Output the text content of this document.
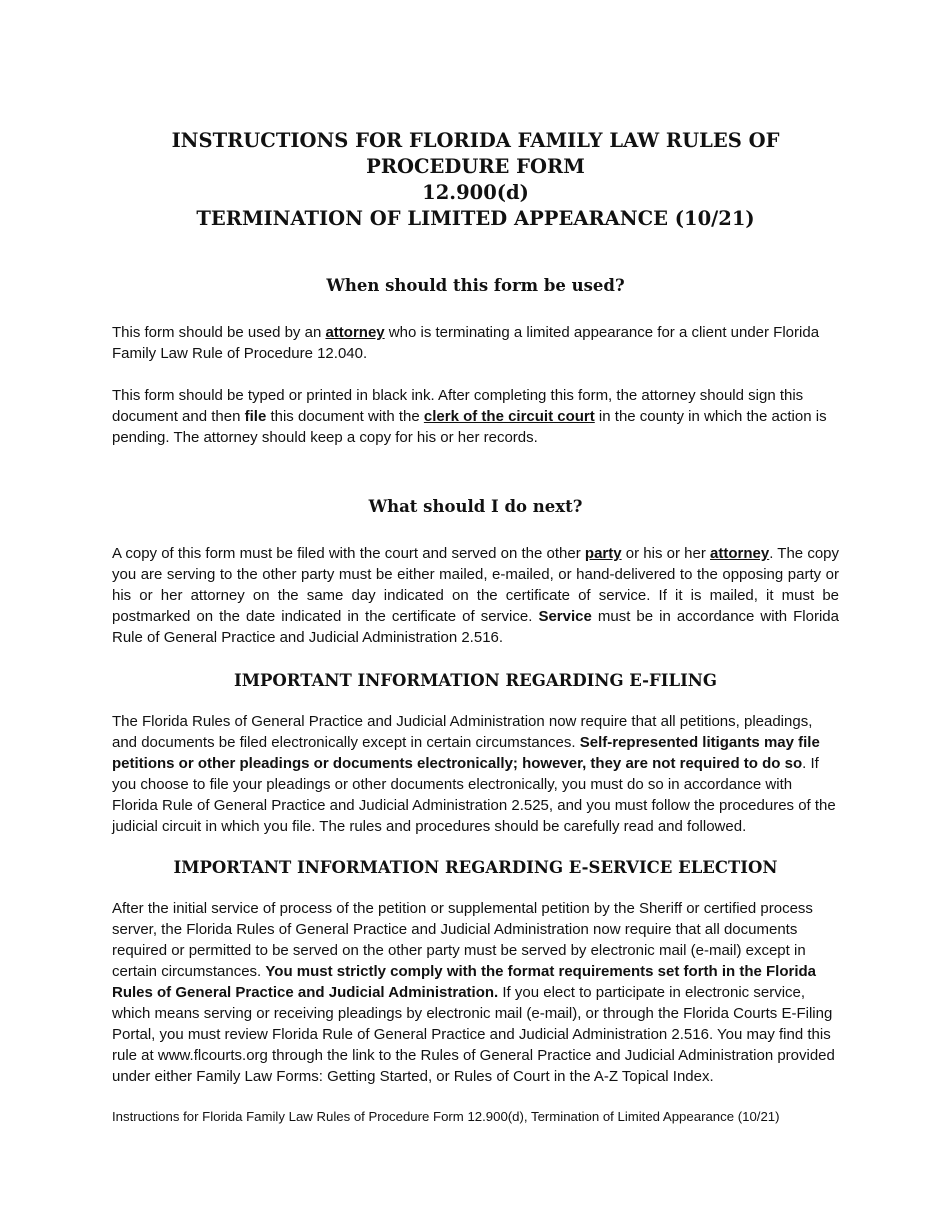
INSTRUCTIONS FOR FLORIDA FAMILY LAW RULES OF PROCEDURE FORM
12.900(d)
TERMINATION OF LIMITED APPEARANCE (10/21)
When should this form be used?

This form should be used by an attorney who is terminating a limited appearance for a client under Florida Family Law Rule of Procedure 12.040.

This form should be typed or printed in black ink. After completing this form, the attorney should sign this document and then file this document with the clerk of the circuit court in the county in which the action is pending. The attorney should keep a copy for his or her records.

What should I do next?

A copy of this form must be filed with the court and served on the other party or his or her attorney. The copy you are serving to the other party must be either mailed, e-mailed, or hand-delivered to the opposing party or his or her attorney on the same day indicated on the certificate of service. If it is mailed, it must be postmarked on the date indicated in the certificate of service. Service must be in accordance with Florida Rule of General Practice and Judicial Administration 2.516.

IMPORTANT INFORMATION REGARDING E-FILING

The Florida Rules of General Practice and Judicial Administration now require that all petitions, pleadings, and documents be filed electronically except in certain circumstances. Self-represented litigants may file petitions or other pleadings or documents electronically; however, they are not required to do so. If you choose to file your pleadings or other documents electronically, you must do so in accordance with Florida Rule of General Practice and Judicial Administration 2.525, and you must follow the procedures of the judicial circuit in which you file. The rules and procedures should be carefully read and followed.

IMPORTANT INFORMATION REGARDING E-SERVICE ELECTION

After the initial service of process of the petition or supplemental petition by the Sheriff or certified process server, the Florida Rules of General Practice and Judicial Administration now require that all documents required or permitted to be served on the other party must be served by electronic mail (e-mail) except in certain circumstances. You must strictly comply with the format requirements set forth in the Florida Rules of General Practice and Judicial Administration. If you elect to participate in electronic service, which means serving or receiving pleadings by electronic mail (e-mail), or through the Florida Courts E-Filing Portal, you must review Florida Rule of General Practice and Judicial Administration 2.516. You may find this rule at www.flcourts.org through the link to the Rules of General Practice and Judicial Administration provided under either Family Law Forms: Getting Started, or Rules of Court in the A-Z Topical Index.

Instructions for Florida Family Law Rules of Procedure Form 12.900(d), Termination of Limited Appearance (10/21)
